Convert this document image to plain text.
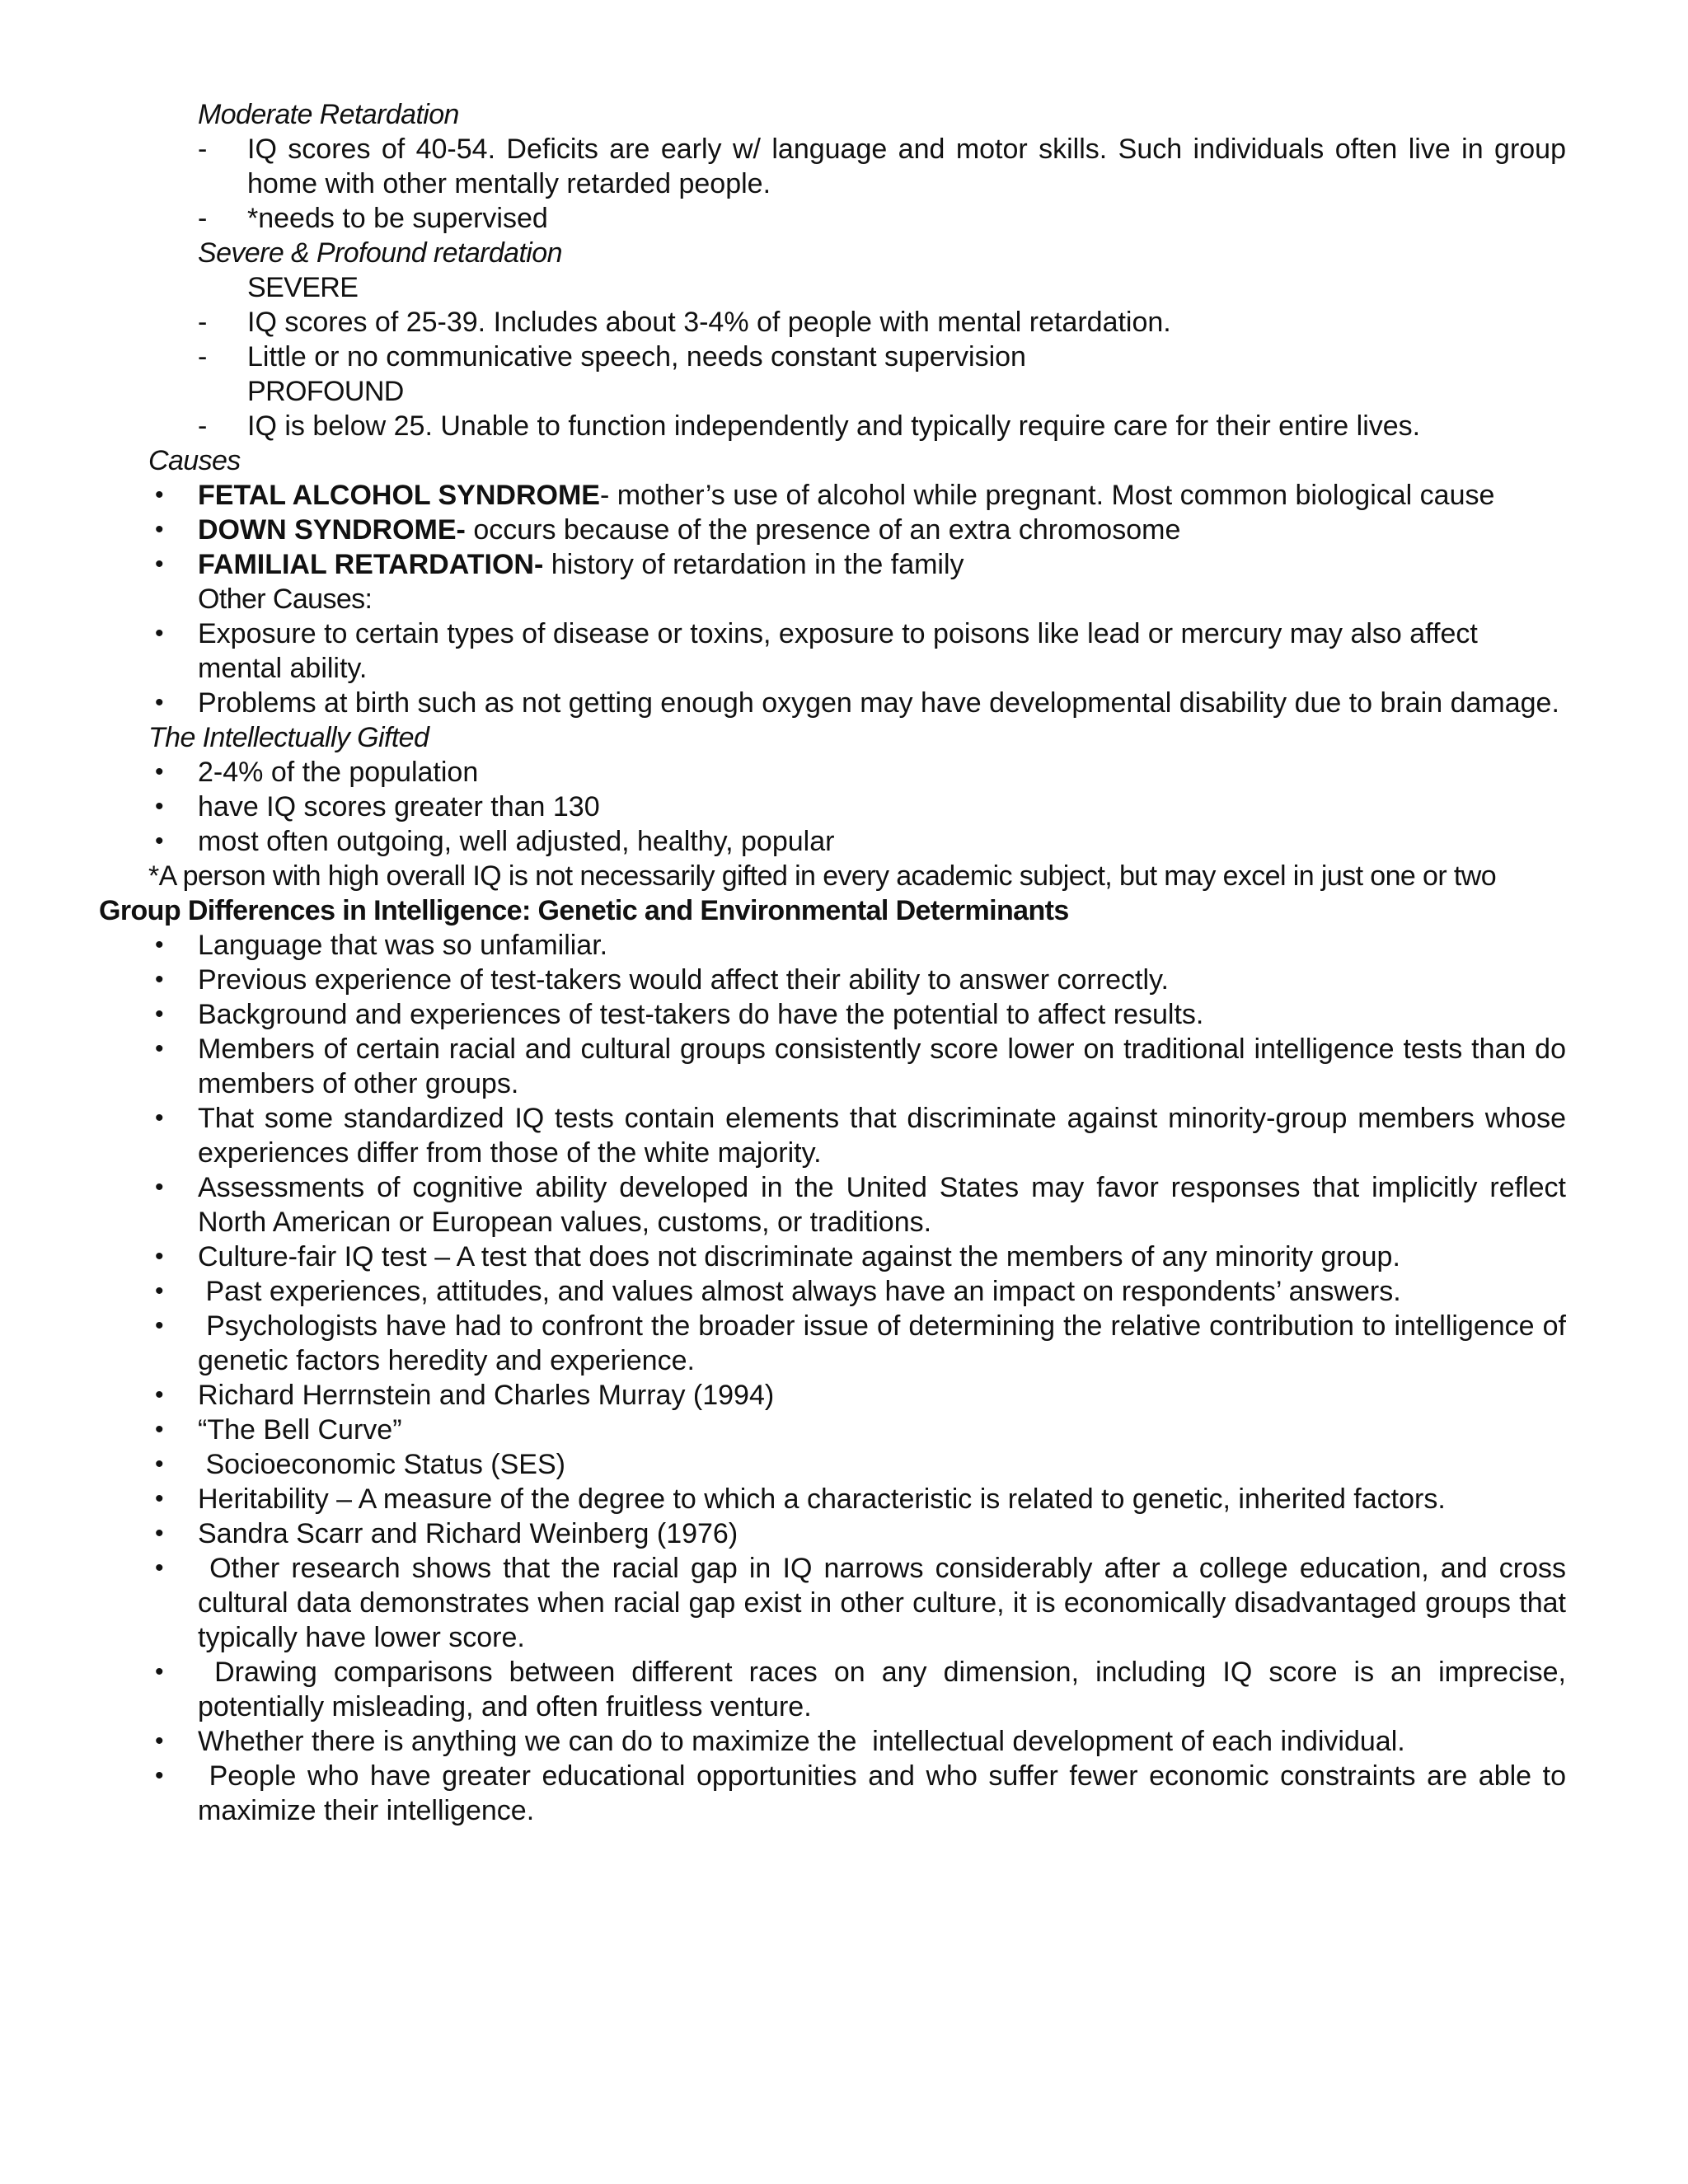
Moderate Retardation
- IQ scores of 40-54. Deficits are early w/ language and motor skills. Such individuals often live in group home with other mentally retarded people.
- *needs to be supervised
Severe & Profound retardation
SEVERE
- IQ scores of 25-39. Includes about 3-4% of people with mental retardation.
- Little or no communicative speech, needs constant supervision
PROFOUND
- IQ is below 25. Unable to function independently and typically require care for their entire lives.
Causes
• FETAL ALCOHOL SYNDROME- mother’s use of alcohol while pregnant. Most common biological cause
• DOWN SYNDROME- occurs because of the presence of an extra chromosome
• FAMILIAL RETARDATION- history of retardation in the family
Other Causes:
• Exposure to certain types of disease or toxins, exposure to poisons like lead or mercury may also affect mental ability.
• Problems at birth such as not getting enough oxygen may have developmental disability due to brain damage.
The Intellectually Gifted
• 2-4% of the population
• have IQ scores greater than 130
• most often outgoing, well adjusted, healthy, popular
*A person with high overall IQ is not necessarily gifted in every academic subject, but may excel in just one or two
Group Differences in Intelligence: Genetic and Environmental Determinants
• Language that was so unfamiliar.
• Previous experience of test-takers would affect their ability to answer correctly.
• Background and experiences of test-takers do have the potential to affect results.
• Members of certain racial and cultural groups consistently score lower on traditional intelligence tests than do members of other groups.
• That some standardized IQ tests contain elements that discriminate against minority-group members whose experiences differ from those of the white majority.
• Assessments of cognitive ability developed in the United States may favor responses that implicitly reflect North American or European values, customs, or traditions.
• Culture-fair IQ test – A test that does not discriminate against the members of any minority group.
• Past experiences, attitudes, and values almost always have an impact on respondents’ answers.
• Psychologists have had to confront the broader issue of determining the relative contribution to intelligence of genetic factors heredity and experience.
• Richard Herrnstein and Charles Murray (1994)
• “The Bell Curve”
• Socioeconomic Status (SES)
• Heritability – A measure of the degree to which a characteristic is related to genetic, inherited factors.
• Sandra Scarr and Richard Weinberg (1976)
• Other research shows that the racial gap in IQ narrows considerably after a college education, and cross cultural data demonstrates when racial gap exist in other culture, it is economically disadvantaged groups that typically have lower score.
• Drawing comparisons between different races on any dimension, including IQ score is an imprecise, potentially misleading, and often fruitless venture.
• Whether there is anything we can do to maximize the  intellectual development of each individual.
• People who have greater educational opportunities and who suffer fewer economic constraints are able to maximize their intelligence.
